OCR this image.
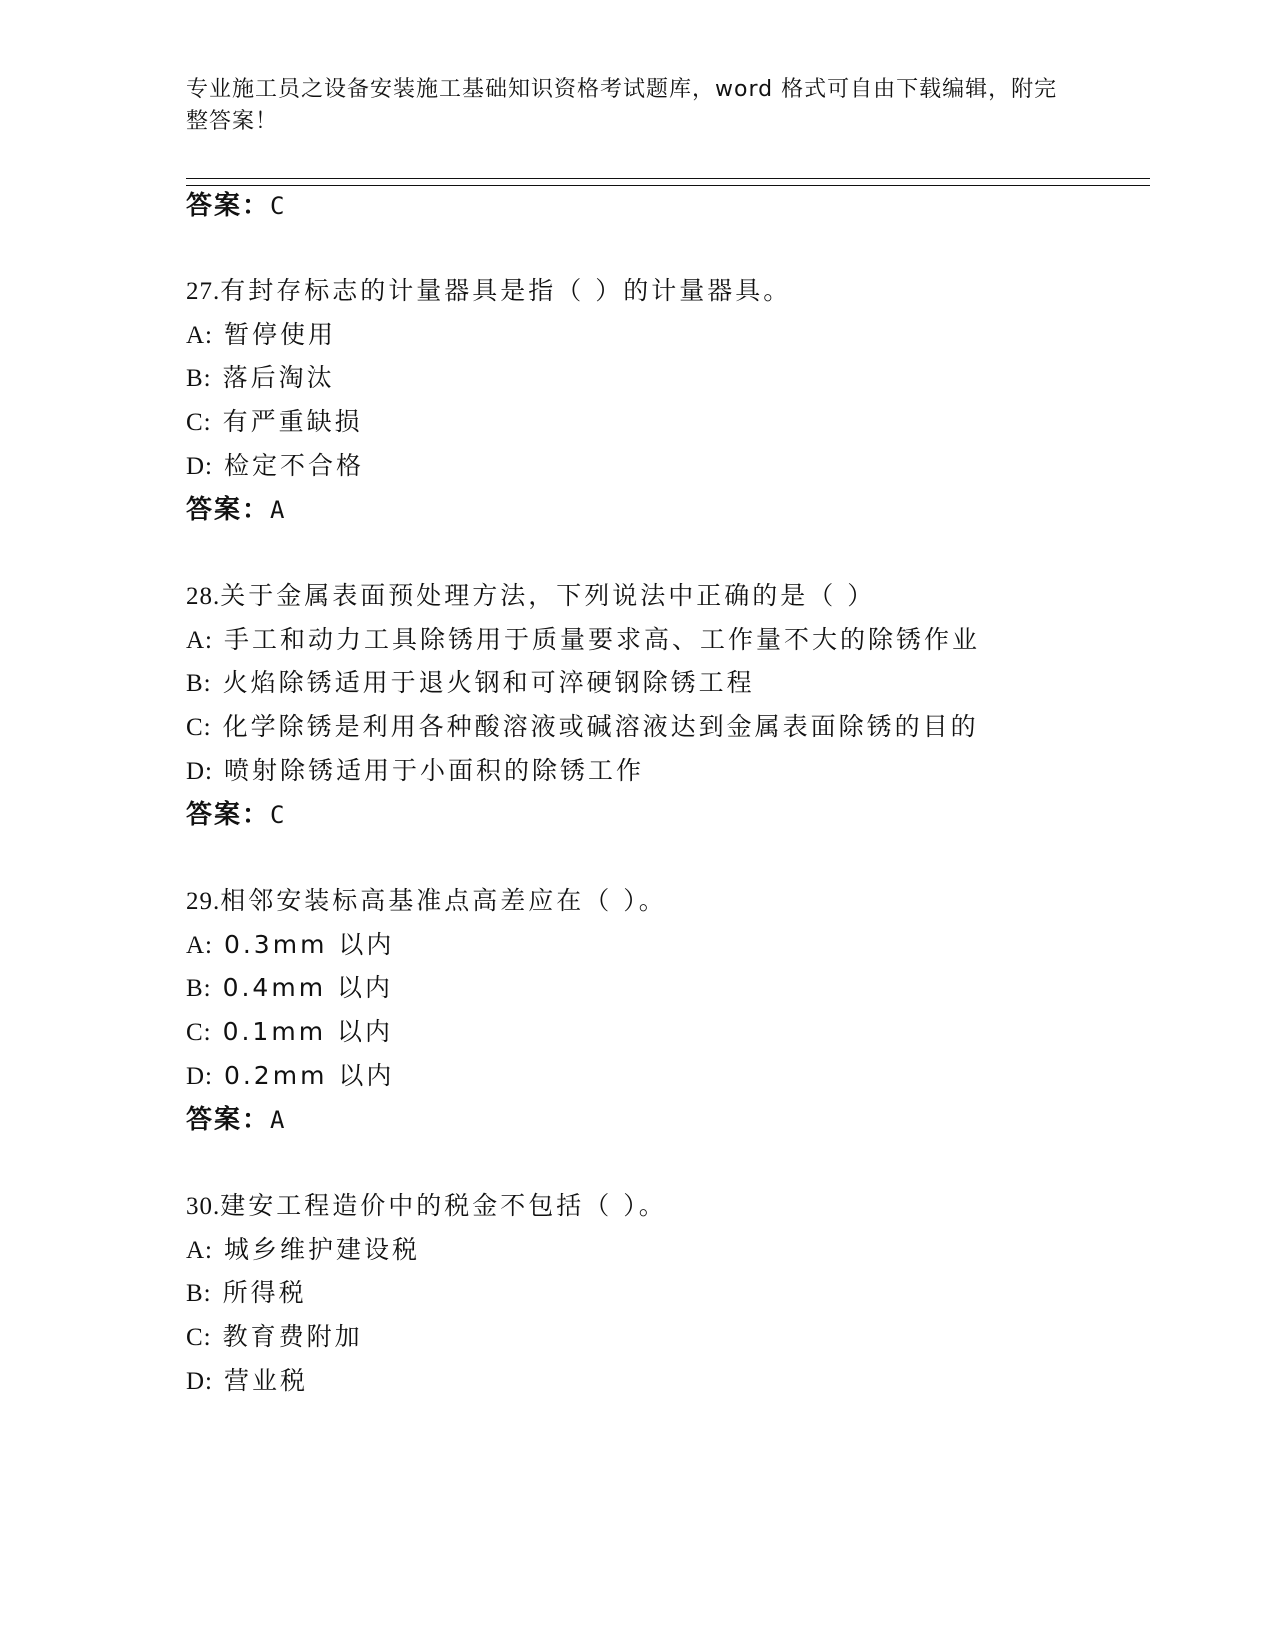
专业施工员之设备安装施工基础知识资格考试题库，word 格式可自由下载编辑，附完整答案！
答案：C
27.有封存标志的计量器具是指（ ）的计量器具。
A: 暂停使用
B: 落后淘汰
C: 有严重缺损
D: 检定不合格
答案：A
28.关于金属表面预处理方法，下列说法中正确的是（ ）
A: 手工和动力工具除锈用于质量要求高、工作量不大的除锈作业
B: 火焰除锈适用于退火钢和可淬硬钢除锈工程
C: 化学除锈是利用各种酸溶液或碱溶液达到金属表面除锈的目的
D: 喷射除锈适用于小面积的除锈工作
答案：C
29.相邻安装标高基准点高差应在（ ）。
A: 0.3mm 以内
B: 0.4mm 以内
C: 0.1mm 以内
D: 0.2mm 以内
答案：A
30.建安工程造价中的税金不包括（ ）。
A: 城乡维护建设税
B: 所得税
C: 教育费附加
D: 营业税
